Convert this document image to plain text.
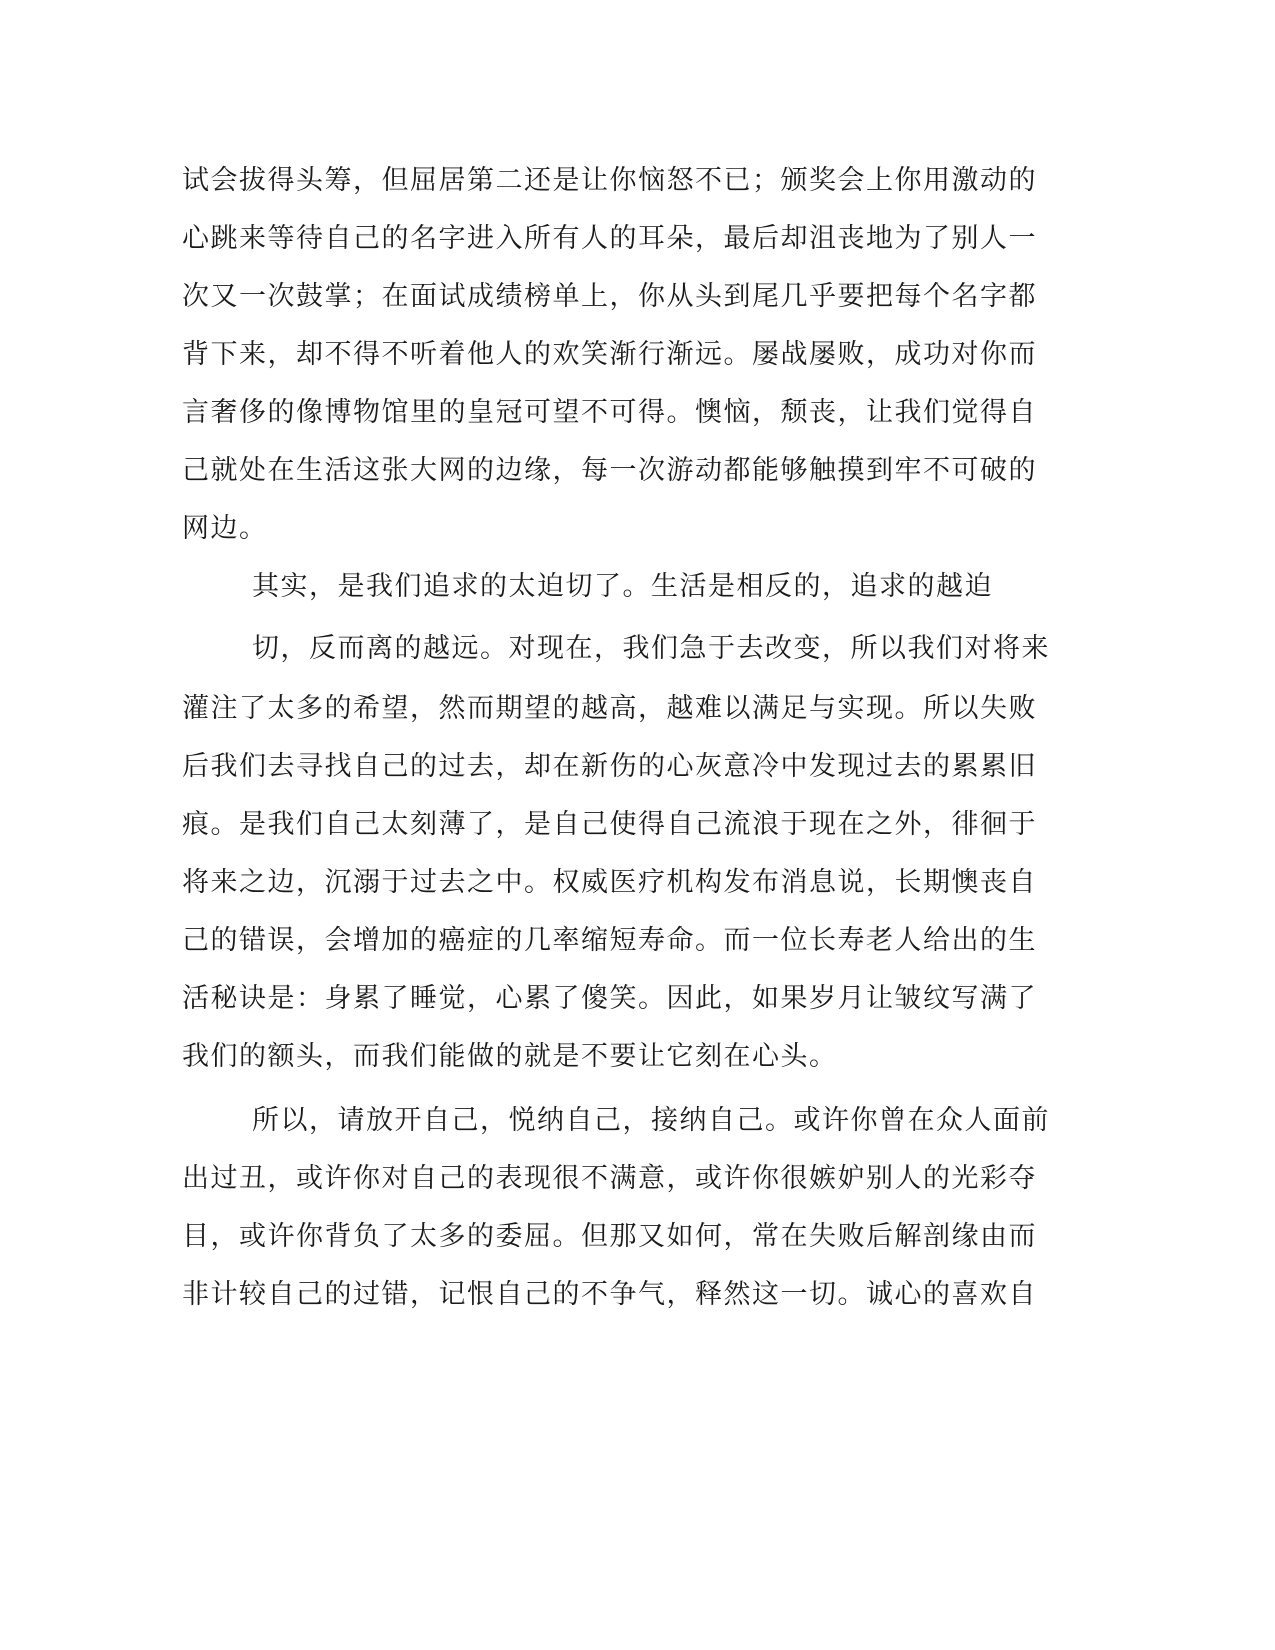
试会拔得头筹，但屈居第二还是让你恼怒不已；颁奖会上你用激动的
心跳来等待自己的名字进入所有人的耳朵，最后却沮丧地为了别人一
次又一次鼓掌；在面试成绩榜单上，你从头到尾几乎要把每个名字都
背下来，却不得不听着他人的欢笑渐行渐远。屡战屡败，成功对你而
言奢侈的像博物馆里的皇冠可望不可得。懊恼，颓丧，让我们觉得自
己就处在生活这张大网的边缘，每一次游动都能够触摸到牢不可破的
网边。
其实，是我们追求的太迫切了。生活是相反的，追求的越迫
切，反而离的越远。对现在，我们急于去改变，所以我们对将来
灌注了太多的希望，然而期望的越高，越难以满足与实现。所以失败
后我们去寻找自己的过去，却在新伤的心灰意冷中发现过去的累累旧
痕。是我们自己太刻薄了，是自己使得自己流浪于现在之外，徘徊于
将来之边，沉溺于过去之中。权威医疗机构发布消息说，长期懊丧自
己的错误，会增加的癌症的几率缩短寿命。而一位长寿老人给出的生
活秘诀是：身累了睡觉，心累了傻笑。因此，如果岁月让皱纹写满了
我们的额头，而我们能做的就是不要让它刻在心头。
所以，请放开自己，悦纳自己，接纳自己。或许你曾在众人面前
出过丑，或许你对自己的表现很不满意，或许你很嫉妒别人的光彩夺
目，或许你背负了太多的委屈。但那又如何，常在失败后解剖缘由而
非计较自己的过错，记恨自己的不争气，释然这一切。诚心的喜欢自
